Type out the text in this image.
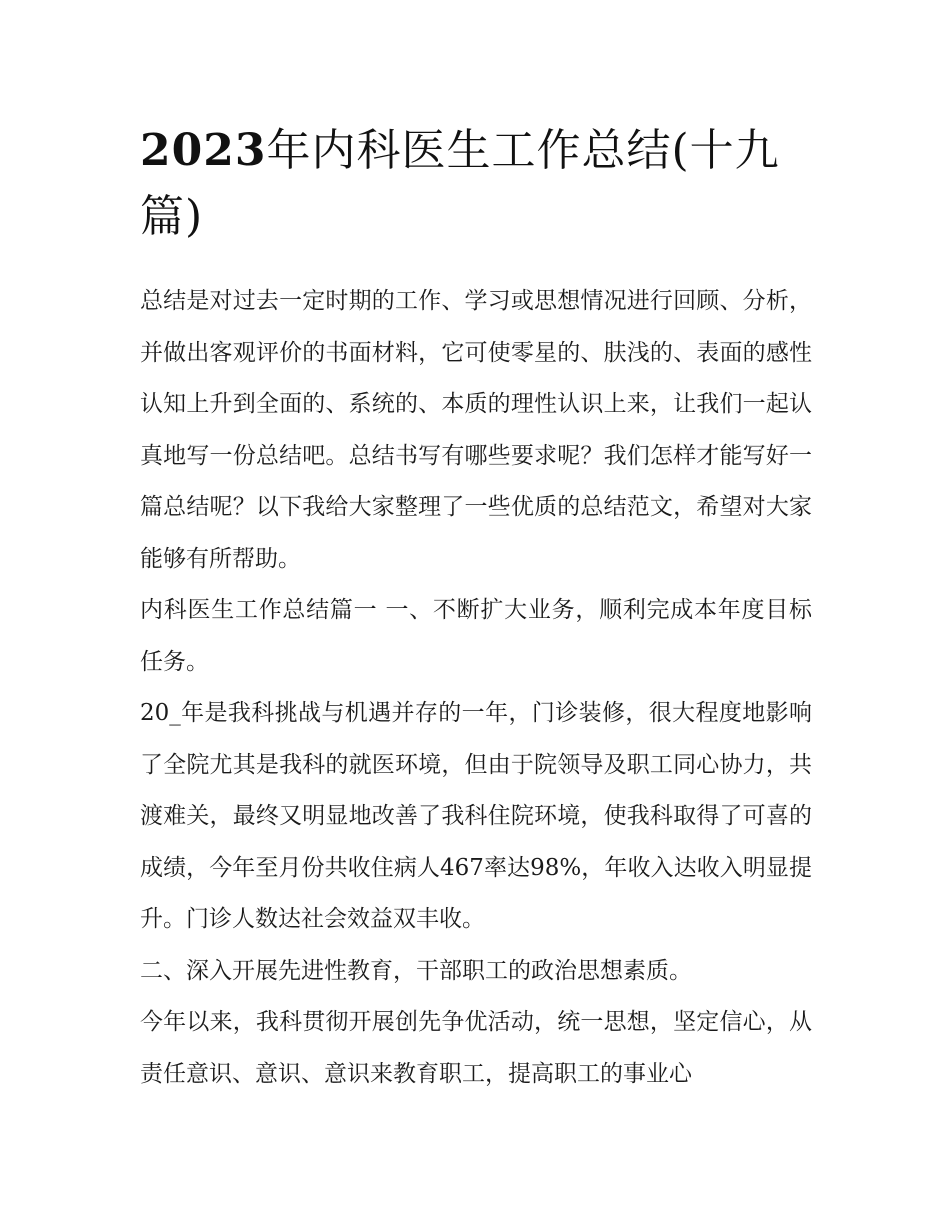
2023年内科医生工作总结(十九篇)

总结是对过去一定时期的工作、学习或思想情况进行回顾、分析，并做出客观评价的书面材料，它可使零星的、肤浅的、表面的感性认知上升到全面的、系统的、本质的理性认识上来，让我们一起认真地写一份总结吧。总结书写有哪些要求呢？我们怎样才能写好一篇总结呢？以下我给大家整理了一些优质的总结范文，希望对大家能够有所帮助。

内科医生工作总结篇一 一、不断扩大业务，顺利完成本年度目标任务。

20_年是我科挑战与机遇并存的一年，门诊装修，很大程度地影响了全院尤其是我科的就医环境，但由于院领导及职工同心协力，共渡难关，最终又明显地改善了我科住院环境，使我科取得了可喜的成绩，今年至月份共收住病人467率达98%，年收入达收入明显提升。门诊人数达社会效益双丰收。

二、深入开展先进性教育，干部职工的政治思想素质。

今年以来，我科贯彻开展创先争优活动，统一思想，坚定信心，从责任意识、意识、意识来教育职工，提高职工的事业心
